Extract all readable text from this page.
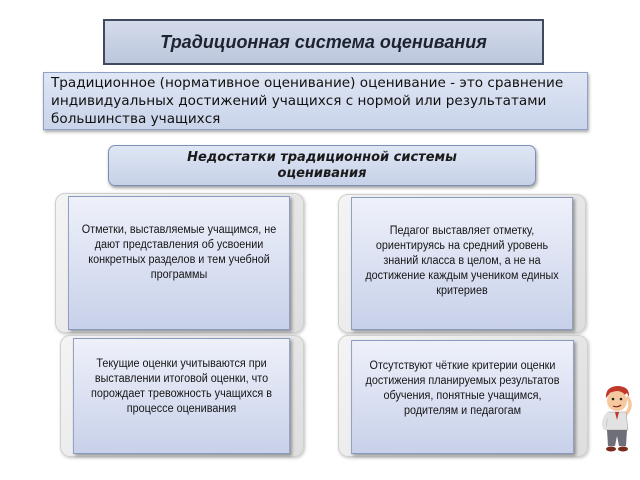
Традиционная система оценивания
Традиционное (нормативное оценивание) оценивание - это сравнение индивидуальных достижений учащихся с нормой или результатами большинства учащихся
Недостатки традиционной системы оценивания
Отметки, выставляемые учащимся, не дают представления об усвоении конкретных разделов и тем учебной программы
Педагог выставляет отметку, ориентируясь на средний уровень знаний класса в целом, а не на достижение каждым учеником единых критериев
Текущие оценки учитываются при выставлении итоговой оценки, что порождает тревожность учащихся в процессе оценивания
Отсутствуют чёткие критерии оценки достижения планируемых результатов обучения, понятные учащимся, родителям и педагогам
